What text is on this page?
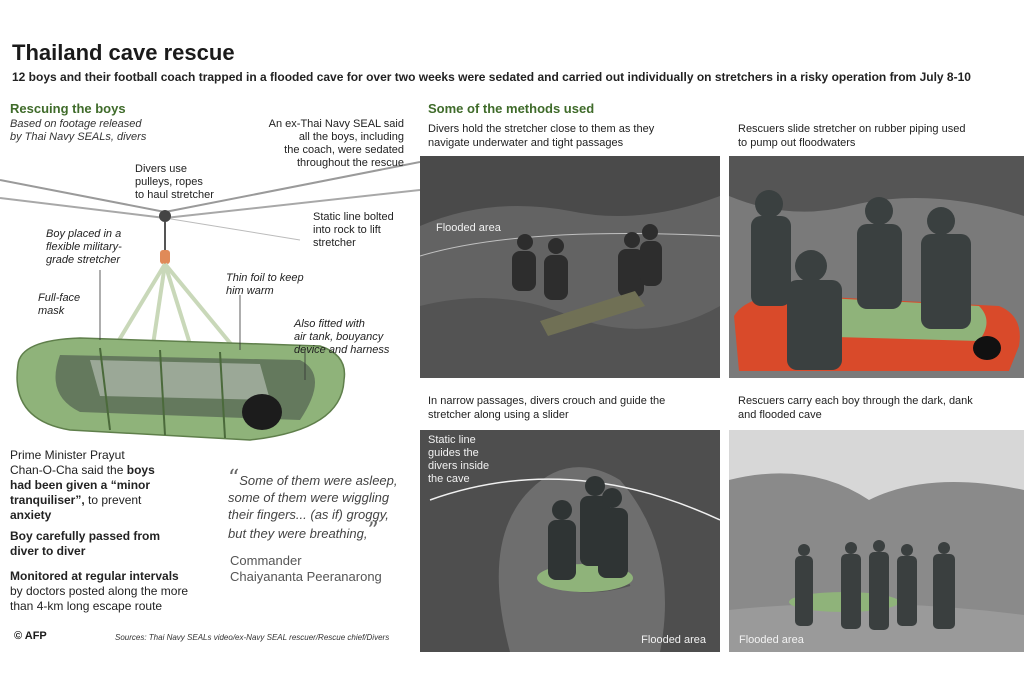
Thailand cave rescue
12 boys and their football coach trapped in a flooded cave for over two weeks were sedated and carried out individually on stretchers in a risky operation from July 8-10
Rescuing the boys
Based on footage released
by Thai Navy SEALs, divers
An ex-Thai Navy SEAL said
all the boys, including
the coach, were sedated
throughout the rescue
Divers use
pulleys, ropes
to haul stretcher
Static line bolted
into rock to lift
stretcher
Boy placed in a
flexible military-
grade stretcher
Thin foil to keep
him warm
Full-face
mask
Also fitted with
air tank, bouyancy
device and harness
Prime Minister Prayut
Chan-O-Cha said the boys
had been given a “minor
tranquiliser”, to prevent
anxiety
Boy carefully passed from
diver to diver
Monitored at regular intervals
by doctors posted along the more
than 4-km long escape route
“Some of them were asleep,
some of them were wiggling
their fingers... (as if) groggy,
but they were breathing,”
Commander
Chaiyananta Peeranarong
© AFP	Sources: Thai Navy SEALs video/ex-Navy SEAL rescuer/Rescue chief/Divers
Some of the methods used
Divers hold the stretcher close to them as they
navigate underwater and tight passages
Rescuers slide stretcher on rubber piping used
to pump out floodwaters
In narrow passages, divers crouch and guide the
stretcher along using a slider
Rescuers carry each boy through the dark, dank
and flooded cave
Flooded area
Static line
guides the
divers inside
the cave
Flooded area	Flooded area
